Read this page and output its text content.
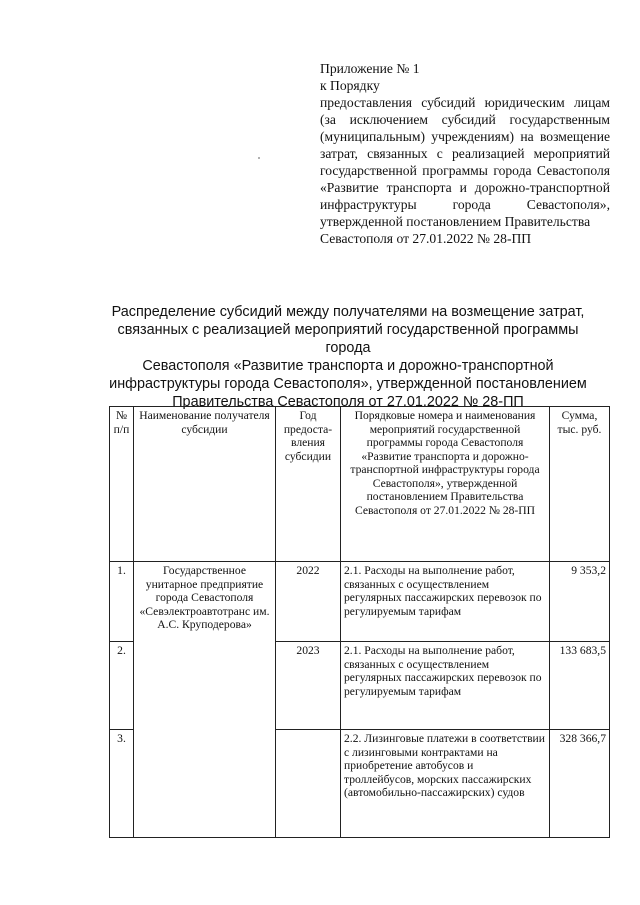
Приложение № 1
к Порядку
предоставления субсидий юридическим лицам (за исключением субсидий государственным (муниципальным) учреждениям) на возмещение затрат, связанных с реализацией мероприятий государственной программы города Севастополя «Развитие транспорта и дорожно-транспортной инфраструктуры города Севастополя», утвержденной постановлением Правительства
Севастополя от 27.01.2022 № 28-ПП
Распределение субсидий между получателями на возмещение затрат,
связанных с реализацией мероприятий государственной программы города
Севастополя «Развитие транспорта и дорожно-транспортной
инфраструктуры города Севастополя», утвержденной постановлением
Правительства Севастополя от 27.01.2022 № 28-ПП
№ п/п	Наименование получателя субсидии	Год предоста-вления субсидии	Порядковые номера и наименования мероприятий государственной программы города Севастополя «Развитие транспорта и дорожно-транспортной инфраструктуры города Севастополя», утвержденной постановлением Правительства Севастополя от 27.01.2022 № 28-ПП	Сумма, тыс. руб.
1.	Государственное унитарное предприятие города Севастополя «Севэлектроавтотранс им. А.С. Круподерова»	2022	2.1. Расходы на выполнение работ, связанных с осуществлением регулярных пассажирских перевозок по регулируемым тарифам	9 353,2
2.		2023	2.1. Расходы на выполнение работ, связанных с осуществлением регулярных пассажирских перевозок по регулируемым тарифам	133 683,5
3.			2.2. Лизинговые платежи в соответствии с лизинговыми контрактами на приобретение автобусов и троллейбусов, морских пассажирских (автомобильно-пассажирских) судов	328 366,7
